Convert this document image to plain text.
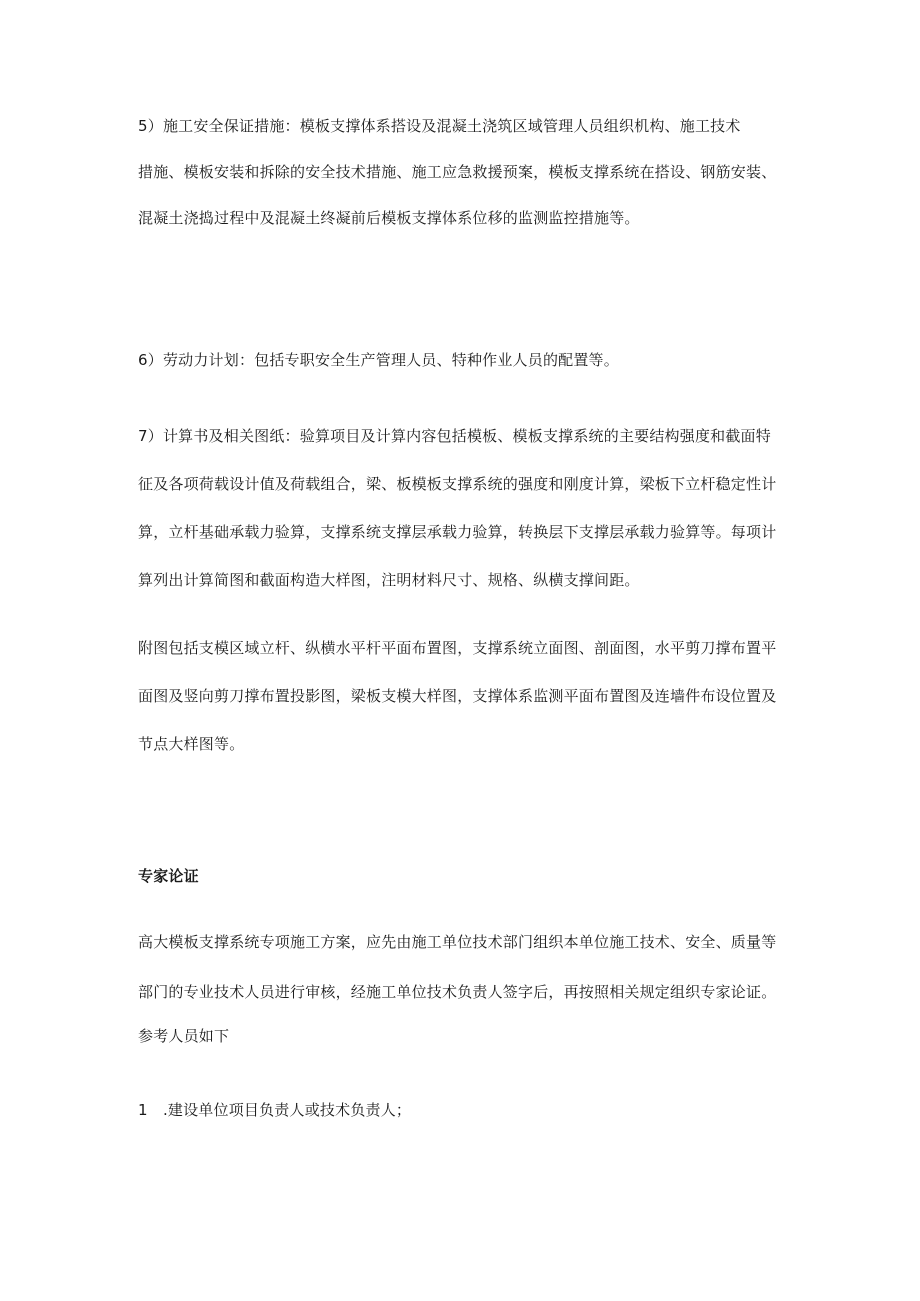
5）施工安全保证措施：模板支撑体系搭设及混凝土浇筑区域管理人员组织机构、施工技术
措施、模板安装和拆除的安全技术措施、施工应急救援预案，模板支撑系统在搭设、钢筋安装、
混凝土浇捣过程中及混凝土终凝前后模板支撑体系位移的监测监控措施等。
6）劳动力计划：包括专职安全生产管理人员、特种作业人员的配置等。
7）计算书及相关图纸：验算项目及计算内容包括模板、模板支撑系统的主要结构强度和截面特
征及各项荷载设计值及荷载组合，梁、板模板支撑系统的强度和刚度计算，梁板下立杆稳定性计
算，立杆基础承载力验算，支撑系统支撑层承载力验算，转换层下支撑层承载力验算等。每项计
算列出计算简图和截面构造大样图，注明材料尺寸、规格、纵横支撑间距。
附图包括支模区域立杆、纵横水平杆平面布置图，支撑系统立面图、剖面图，水平剪刀撑布置平
面图及竖向剪刀撑布置投影图，梁板支模大样图，支撑体系监测平面布置图及连墙件布设位置及
节点大样图等。
专家论证
高大模板支撑系统专项施工方案，应先由施工单位技术部门组织本单位施工技术、安全、质量等
部门的专业技术人员进行审核，经施工单位技术负责人签字后，再按照相关规定组织专家论证。
参考人员如下
1　.建设单位项目负责人或技术负责人；
